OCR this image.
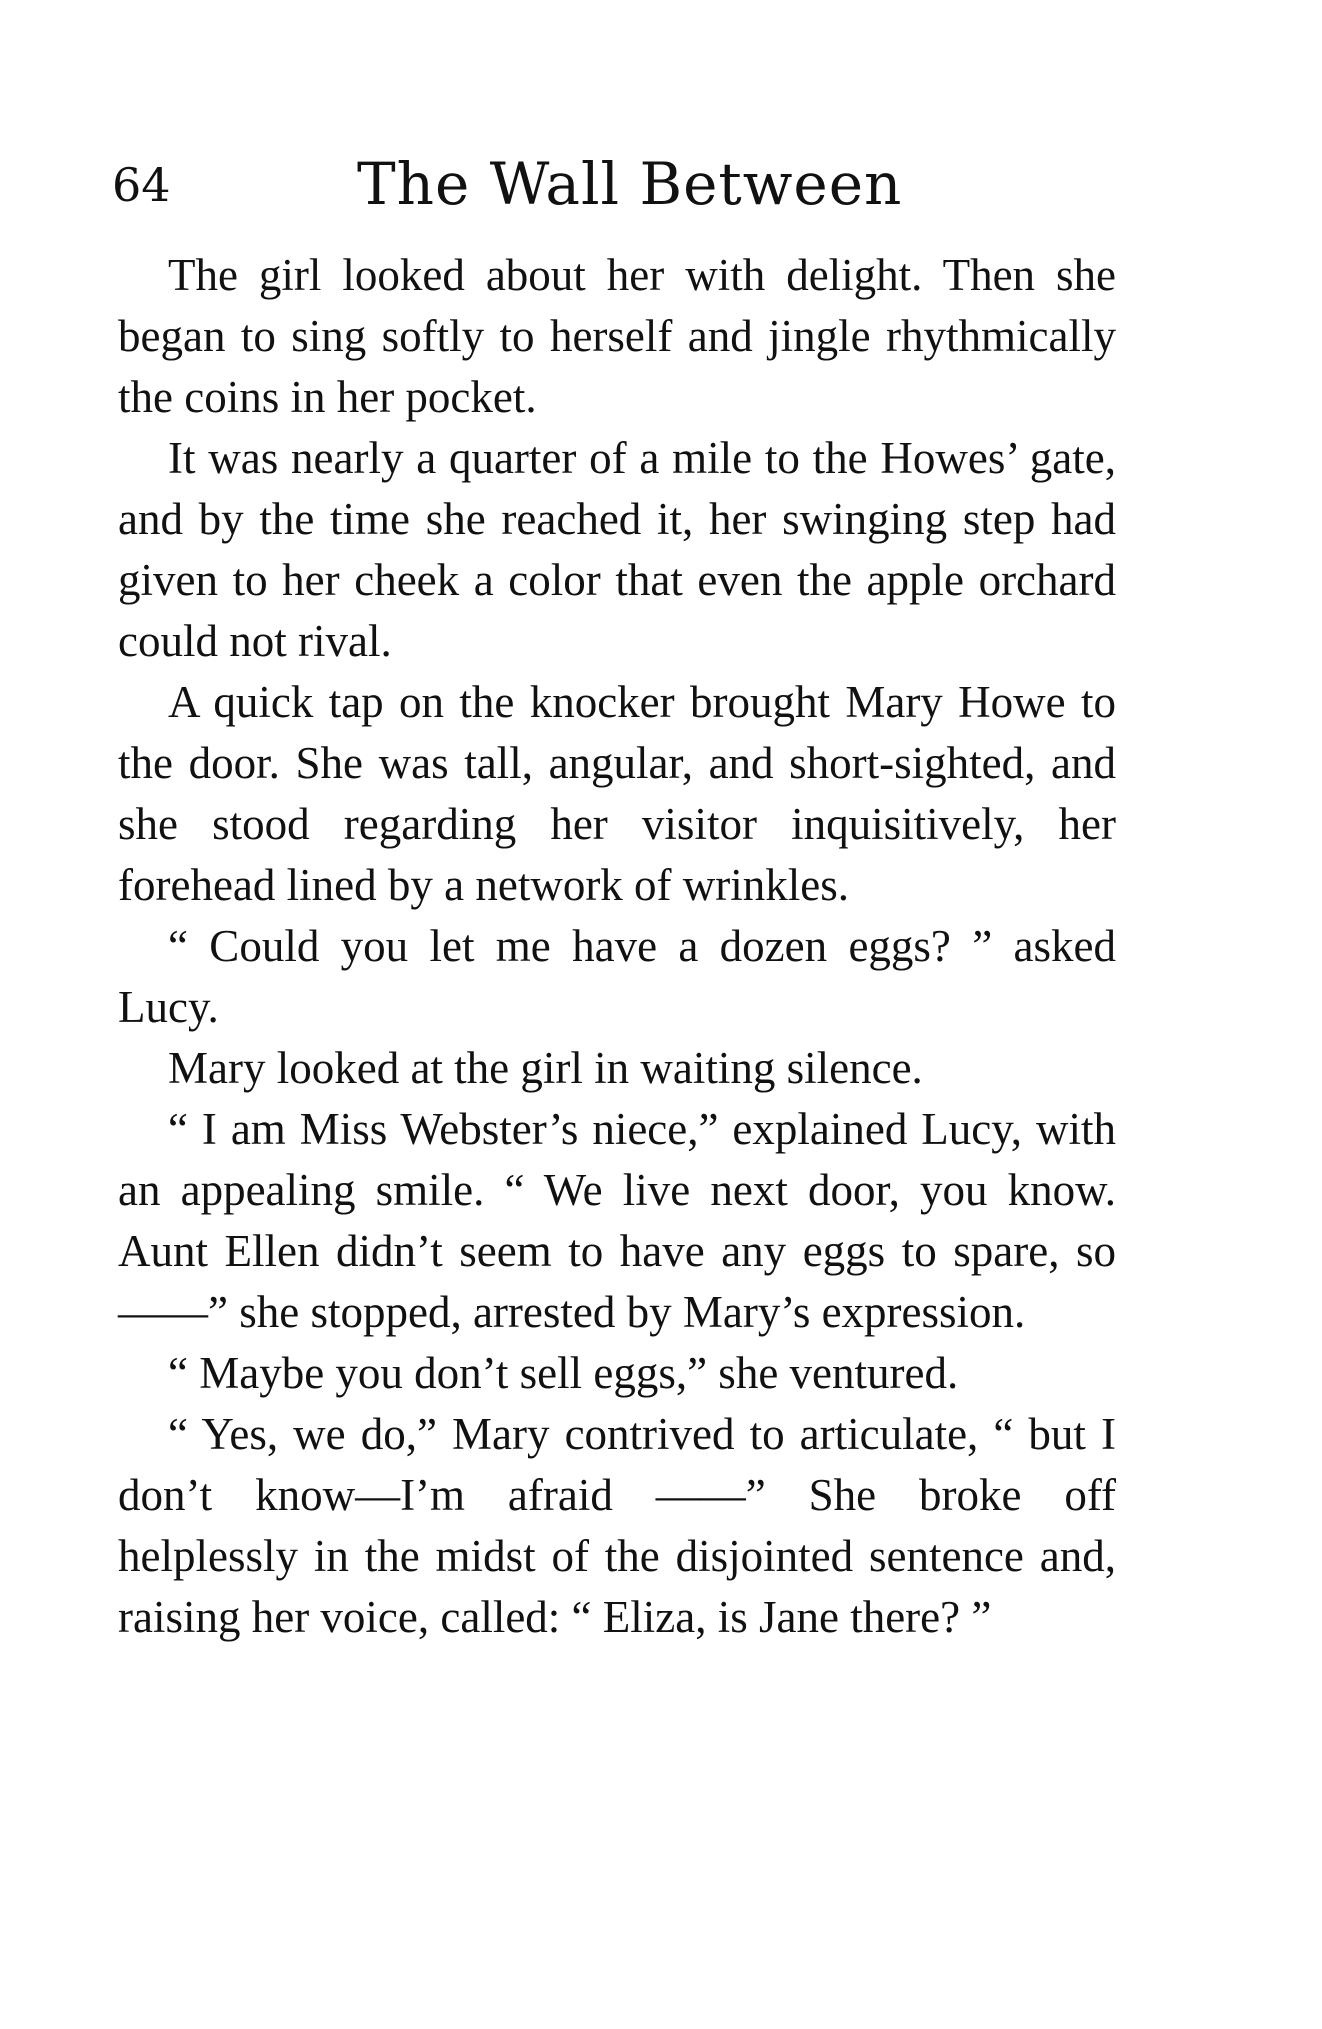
64	The Wall Between

The girl looked about her with delight. Then she began to sing softly to herself and jingle rhythmically the coins in her pocket.

It was nearly a quarter of a mile to the Howes’ gate, and by the time she reached it, her swinging step had given to her cheek a color that even the apple orchard could not rival.

A quick tap on the knocker brought Mary Howe to the door. She was tall, angular, and short-sighted, and she stood regarding her visitor inquisitively, her forehead lined by a network of wrinkles.

“ Could you let me have a dozen eggs? ” asked Lucy.

Mary looked at the girl in waiting silence.

“ I am Miss Webster’s niece,” explained Lucy, with an appealing smile. “ We live next door, you know. Aunt Ellen didn’t seem to have any eggs to spare, so ——” she stopped, arrested by Mary’s expression.

“ Maybe you don’t sell eggs,” she ventured.

“ Yes, we do,” Mary contrived to articulate, “ but I don’t know—I’m afraid ——” She broke off helplessly in the midst of the disjointed sentence and, raising her voice, called: “ Eliza, is Jane there? ”
